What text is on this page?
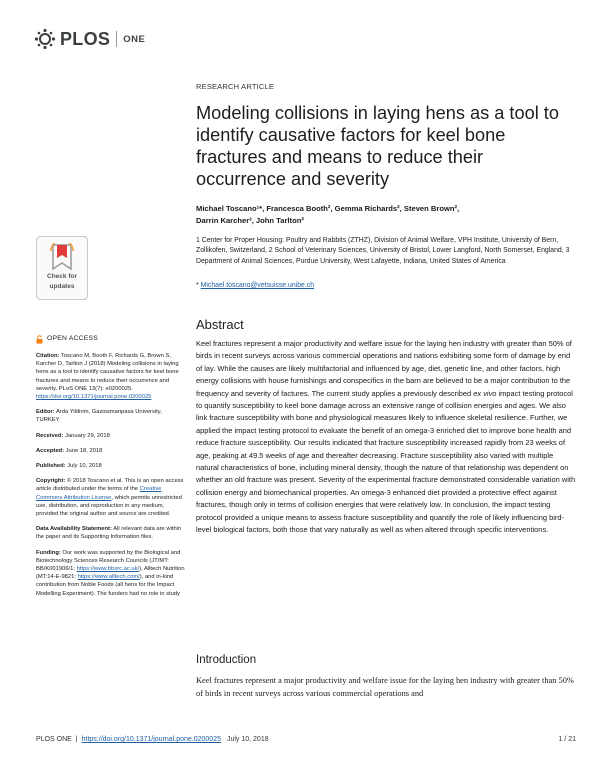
PLOS ONE
RESEARCH ARTICLE
Modeling collisions in laying hens as a tool to identify causative factors for keel bone fractures and means to reduce their occurrence and severity
Michael Toscano¹*, Francesca Booth², Gemma Richards², Steven Brown²,
Darrin Karcher³, John Tarlton²
1 Center for Proper Housing: Poultry and Rabbits (ZTHZ), Division of Animal Welfare, VPH Institute, University of Bern, Zollikofen, Switzerland, 2 School of Veterinary Sciences, University of Bristol, Lower Langford, North Somerset, England, 3 Department of Animal Sciences, Purdue University, West Lafayette, Indiana, United States of America
* Michael.toscano@vetsuisse.unibe.ch
Check for
updates
OPEN ACCESS

Citation: Toscano M, Booth F, Richards G, Brown S, Karcher D, Tarlton J (2018) Modeling collisions in laying hens as a tool to identify causative factors for keel bone fractures and means to reduce their occurrence and severity. PLoS ONE 13(7): e0200025. https://doi.org/10.1371/journal.pone.0200025

Editor: Arda Yildirim, Gaziosmanpasa University, TURKEY

Received: January 29, 2018

Accepted: June 18, 2018

Published: July 10, 2018

Copyright: © 2018 Toscano et al. This is an open access article distributed under the terms of the Creative Commons Attribution License, which permits unrestricted use, distribution, and reproduction in any medium, provided the original author and source are credited.

Data Availability Statement: All relevant data are within the paper and its Supporting Information files.

Funding: Our work was supported by the Biological and Biotechnology Sciences Research Councils (JT/MT: BB/K001906/1; https://www.bbsrc.ac.uk/), Alltech Nutrition (MT:14-E-9821; https://www.alltech.com/), and in-kind contribution from Noble Foods (all hens for the Impact Modelling Experiment). The funders had no role in study

Abstract
Keel fractures represent a major productivity and welfare issue for the laying hen industry with greater than 50% of birds in recent surveys across various commercial operations and nations exhibiting some form of damage by end of lay. While the causes are likely multifactorial and influenced by age, diet, genetic line, and other factors, high energy collisions with house furnishings and conspecifics in the barn are believed to be a major contribution to the frequency and severity of factures. The current study applies a previously described ex vivo impact testing protocol to quantify susceptibility to keel bone damage across an extensive range of collision energies and ages. We also link fracture susceptibility with bone and physiological measures likely to influence skeletal resilience. Further, we applied the impact testing protocol to evaluate the benefit of an omega-3 enriched diet to improve bone health and reduce fracture susceptibility. Our results indicated that fracture susceptibility increased rapidly from 23 weeks of age, peaking at 49.5 weeks of age and thereafter decreasing. Fracture susceptibility also varied with multiple natural characteristics of bone, including mineral density, though the nature of that relationship was dependent on whether an old fracture was present. Severity of the experimental fracture demonstrated considerable variation with collision energy and biomechanical properties. An omega-3 enhanced diet provided a protective effect against fractures, though only in terms of collision energies that were relatively low. In conclusion, the impact testing protocol provided a unique means to assess fracture susceptibility and quantify the role of likely influencing bird-level biological factors, both those that vary naturally as well as when altered through specific interventions.
Introduction
Keel fractures represent a major productivity and welfare issue for the laying hen industry with greater than 50% of birds in recent surveys across various commercial operations and
PLOS ONE | https://doi.org/10.1371/journal.pone.0200025 July 10, 2018	1 / 21
